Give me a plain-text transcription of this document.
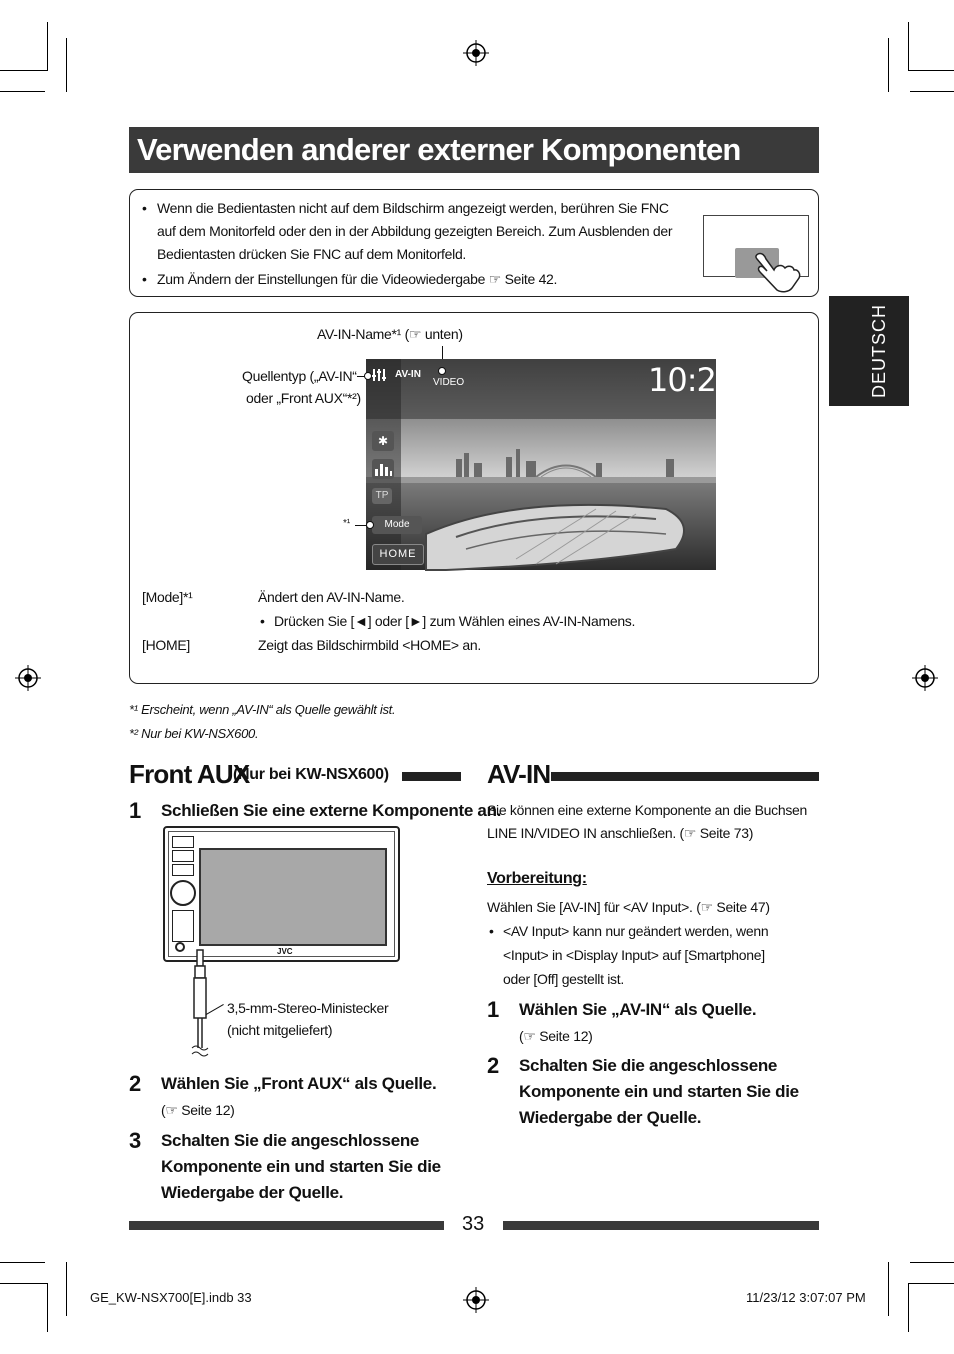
Verwenden anderer externer Komponenten
DEUTSCH
• Wenn die Bedientasten nicht auf dem Bildschirm angezeigt werden, berühren Sie FNC
auf dem Monitorfeld oder den in der Abbildung gezeigten Bereich. Zum Ausblenden der
Bedientasten drücken Sie FNC auf dem Monitorfeld.
• Zum Ändern der Einstellungen für die Videowiedergabe ☞ Seite 42.
AV-IN-Name*¹ (☞ unten)
Quellentyp („AV-IN“
oder „Front AUX“*²)
*¹
AV-IN
VIDEO	10:28
✱
TP
Mode
HOME
[Mode]*¹	Ändert den AV-IN-Name.
• Drücken Sie [◄] oder [►] zum Wählen eines AV-IN-Namens.
[HOME]	Zeigt das Bildschirmbild <HOME> an.
*¹ Erscheint, wenn „AV-IN“ als Quelle gewählt ist.
*² Nur bei KW-NSX600.
Front AUX
(Nur bei KW-NSX600)
1 Schließen Sie eine externe Komponente an.
JVC
3,5-mm-Stereo-Ministecker
(nicht mitgeliefert)
2 Wählen Sie „Front AUX“ als Quelle.
(☞ Seite 12)
3 Schalten Sie die angeschlossene
Komponente ein und starten Sie die
Wiedergabe der Quelle.
AV-IN
Sie können eine externe Komponente an die Buchsen
LINE IN/VIDEO IN anschließen. (☞ Seite 73)
Vorbereitung:
Wählen Sie [AV-IN] für <AV Input>. (☞ Seite 47)
• <AV Input> kann nur geändert werden, wenn
<Input> in <Display Input> auf [Smartphone]
oder [Off] gestellt ist.
1 Wählen Sie „AV-IN“ als Quelle.
(☞ Seite 12)
2 Schalten Sie die angeschlossene
Komponente ein und starten Sie die
Wiedergabe der Quelle.
33
GE_KW-NSX700[E].indb 33	11/23/12 3:07:07 PM
